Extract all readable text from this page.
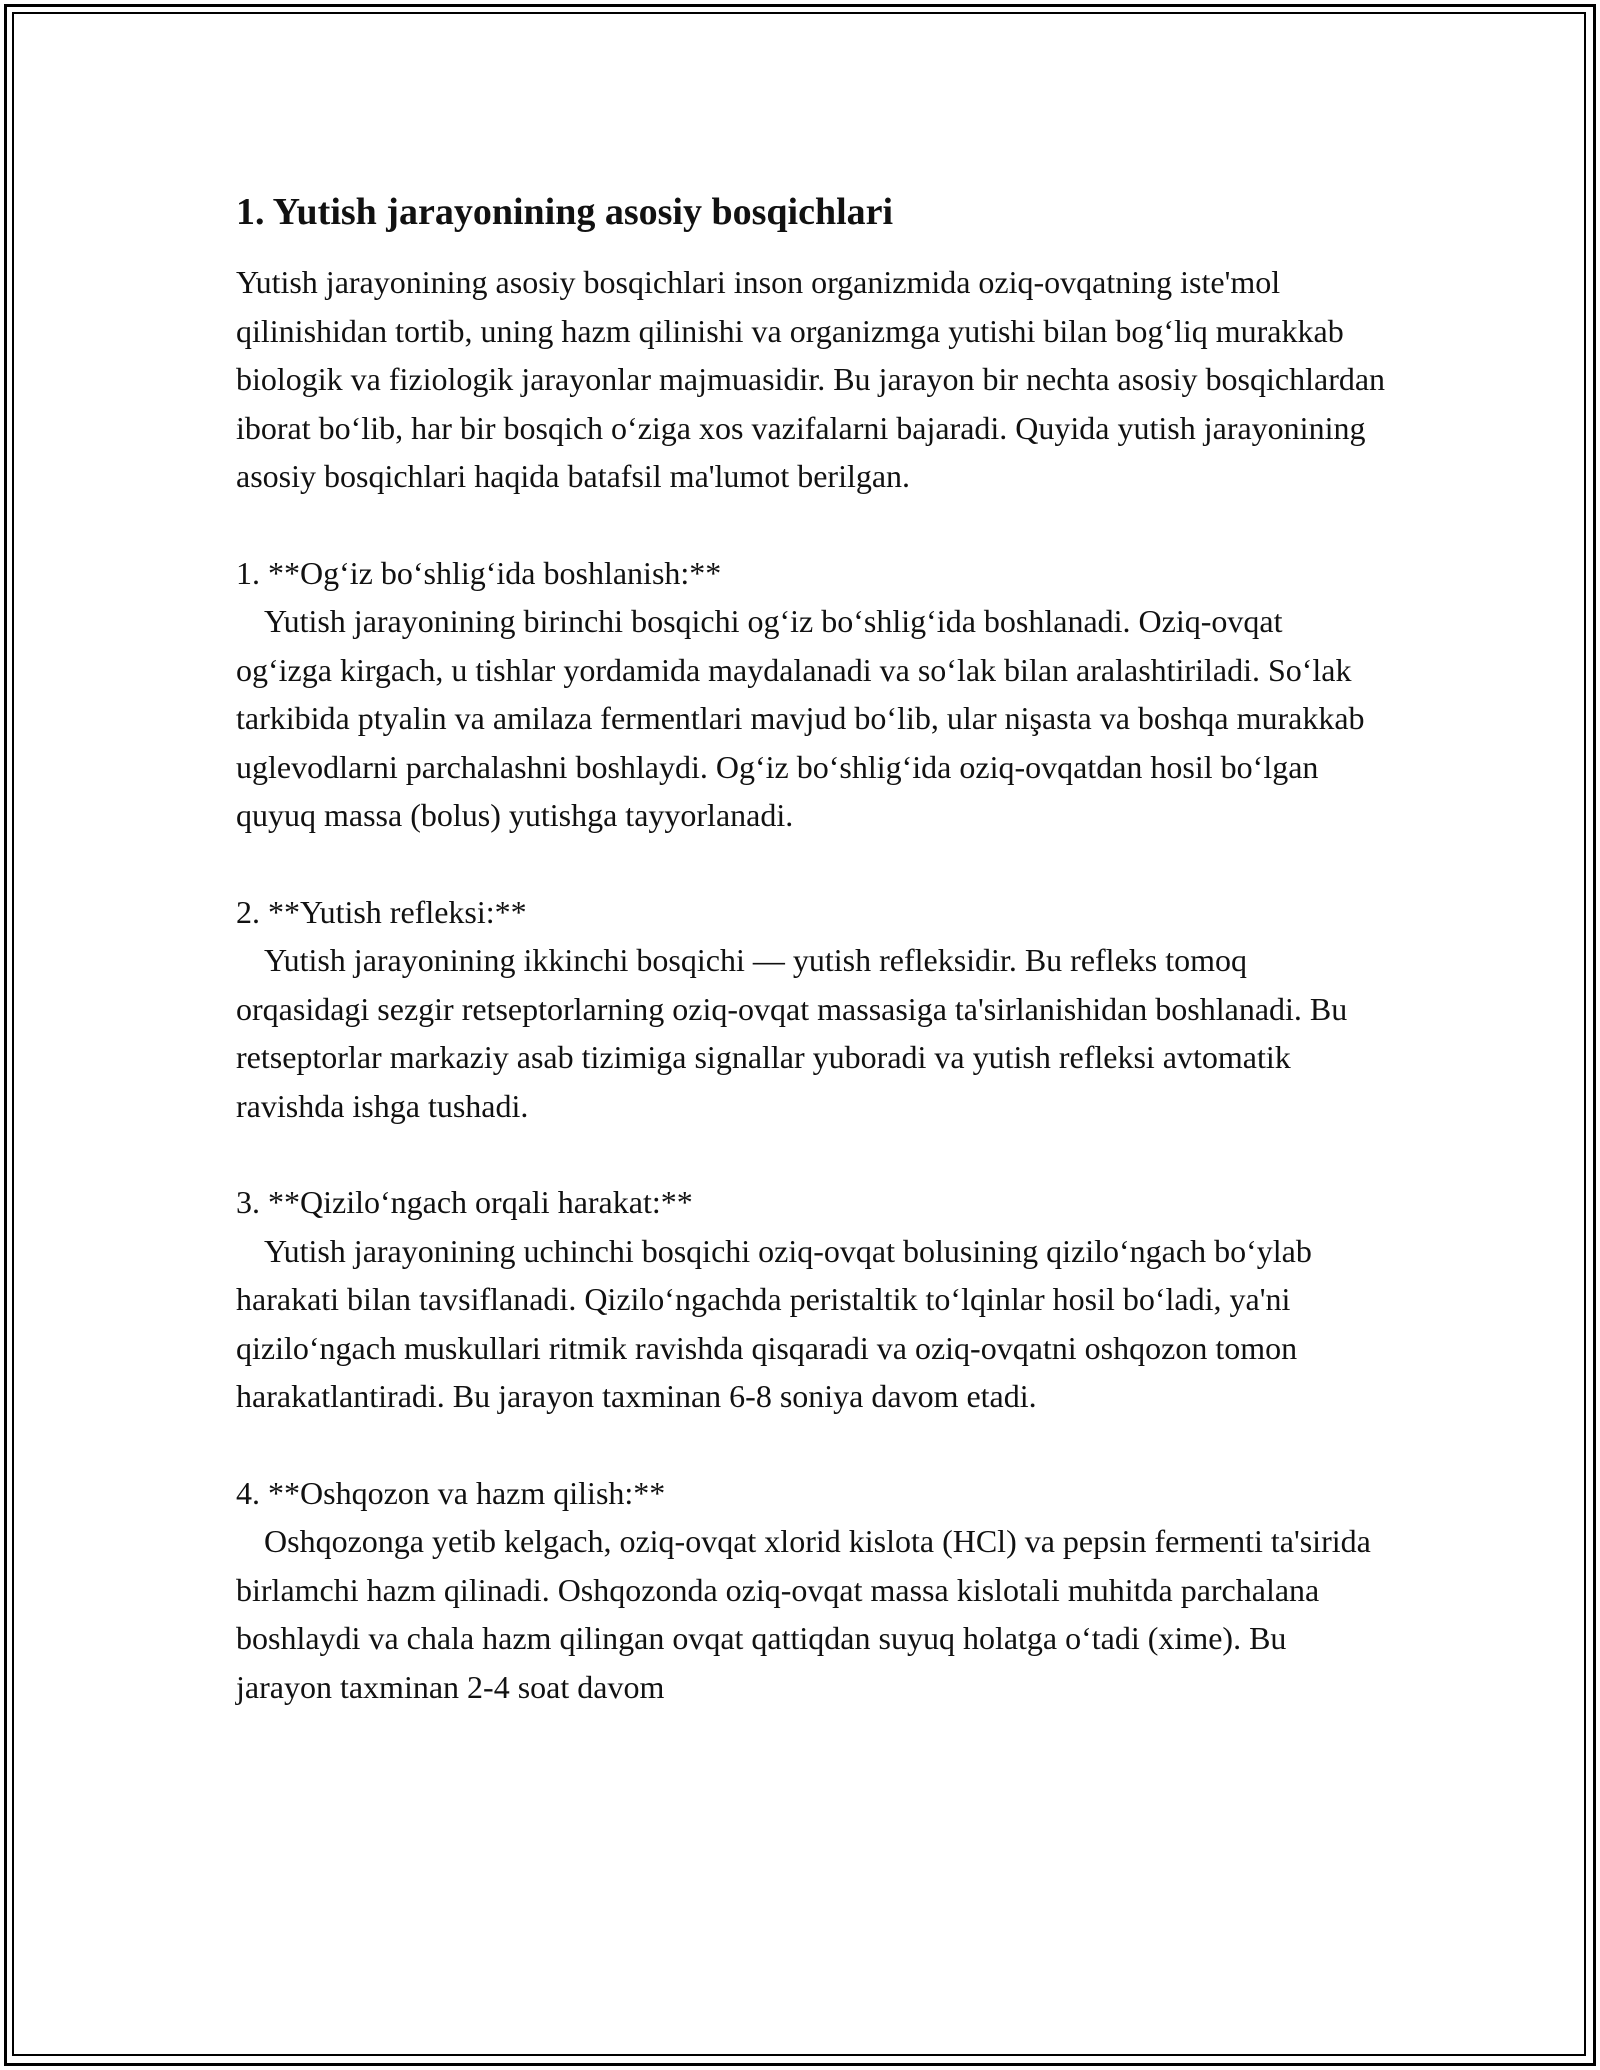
1. Yutish jarayonining asosiy bosqichlari

Yutish jarayonining asosiy bosqichlari inson organizmida oziq-ovqatning iste'mol qilinishidan tortib, uning hazm qilinishi va organizmga yutishi bilan bog‘liq murakkab biologik va fiziologik jarayonlar majmuasidir. Bu jarayon bir nechta asosiy bosqichlardan iborat bo‘lib, har bir bosqich o‘ziga xos vazifalarni bajaradi. Quyida yutish jarayonining asosiy bosqichlari haqida batafsil ma'lumot berilgan.

1. **Og‘iz bo‘shlig‘ida boshlanish:**

Yutish jarayonining birinchi bosqichi og‘iz bo‘shlig‘ida boshlanadi. Oziq-ovqat og‘izga kirgach, u tishlar yordamida maydalanadi va so‘lak bilan aralashtiriladi. So‘lak tarkibida ptyalin va amilaza fermentlari mavjud bo‘lib, ular nişasta va boshqa murakkab uglevodlarni parchalashni boshlaydi. Og‘iz bo‘shlig‘ida oziq-ovqatdan hosil bo‘lgan quyuq massa (bolus) yutishga tayyorlanadi.

2. **Yutish refleksi:**

Yutish jarayonining ikkinchi bosqichi — yutish refleksidir. Bu refleks tomoq orqasidagi sezgir retseptorlarning oziq-ovqat massasiga ta'sirlanishidan boshlanadi. Bu retseptorlar markaziy asab tizimiga signallar yuboradi va yutish refleksi avtomatik ravishda ishga tushadi.

3. **Qizilo‘ngach orqali harakat:**

Yutish jarayonining uchinchi bosqichi oziq-ovqat bolusining qizilo‘ngach bo‘ylab harakati bilan tavsiflanadi. Qizilo‘ngachda peristaltik to‘lqinlar hosil bo‘ladi, ya'ni qizilo‘ngach muskullari ritmik ravishda qisqaradi va oziq-ovqatni oshqozon tomon harakatlantiradi. Bu jarayon taxminan 6-8 soniya davom etadi.

4. **Oshqozon va hazm qilish:**

Oshqozonga yetib kelgach, oziq-ovqat xlorid kislota (HCl) va pepsin fermenti ta'sirida birlamchi hazm qilinadi. Oshqozonda oziq-ovqat massa kislotali muhitda parchalana boshlaydi va chala hazm qilingan ovqat qattiqdan suyuq holatga o‘tadi (xime). Bu jarayon taxminan 2-4 soat davom
